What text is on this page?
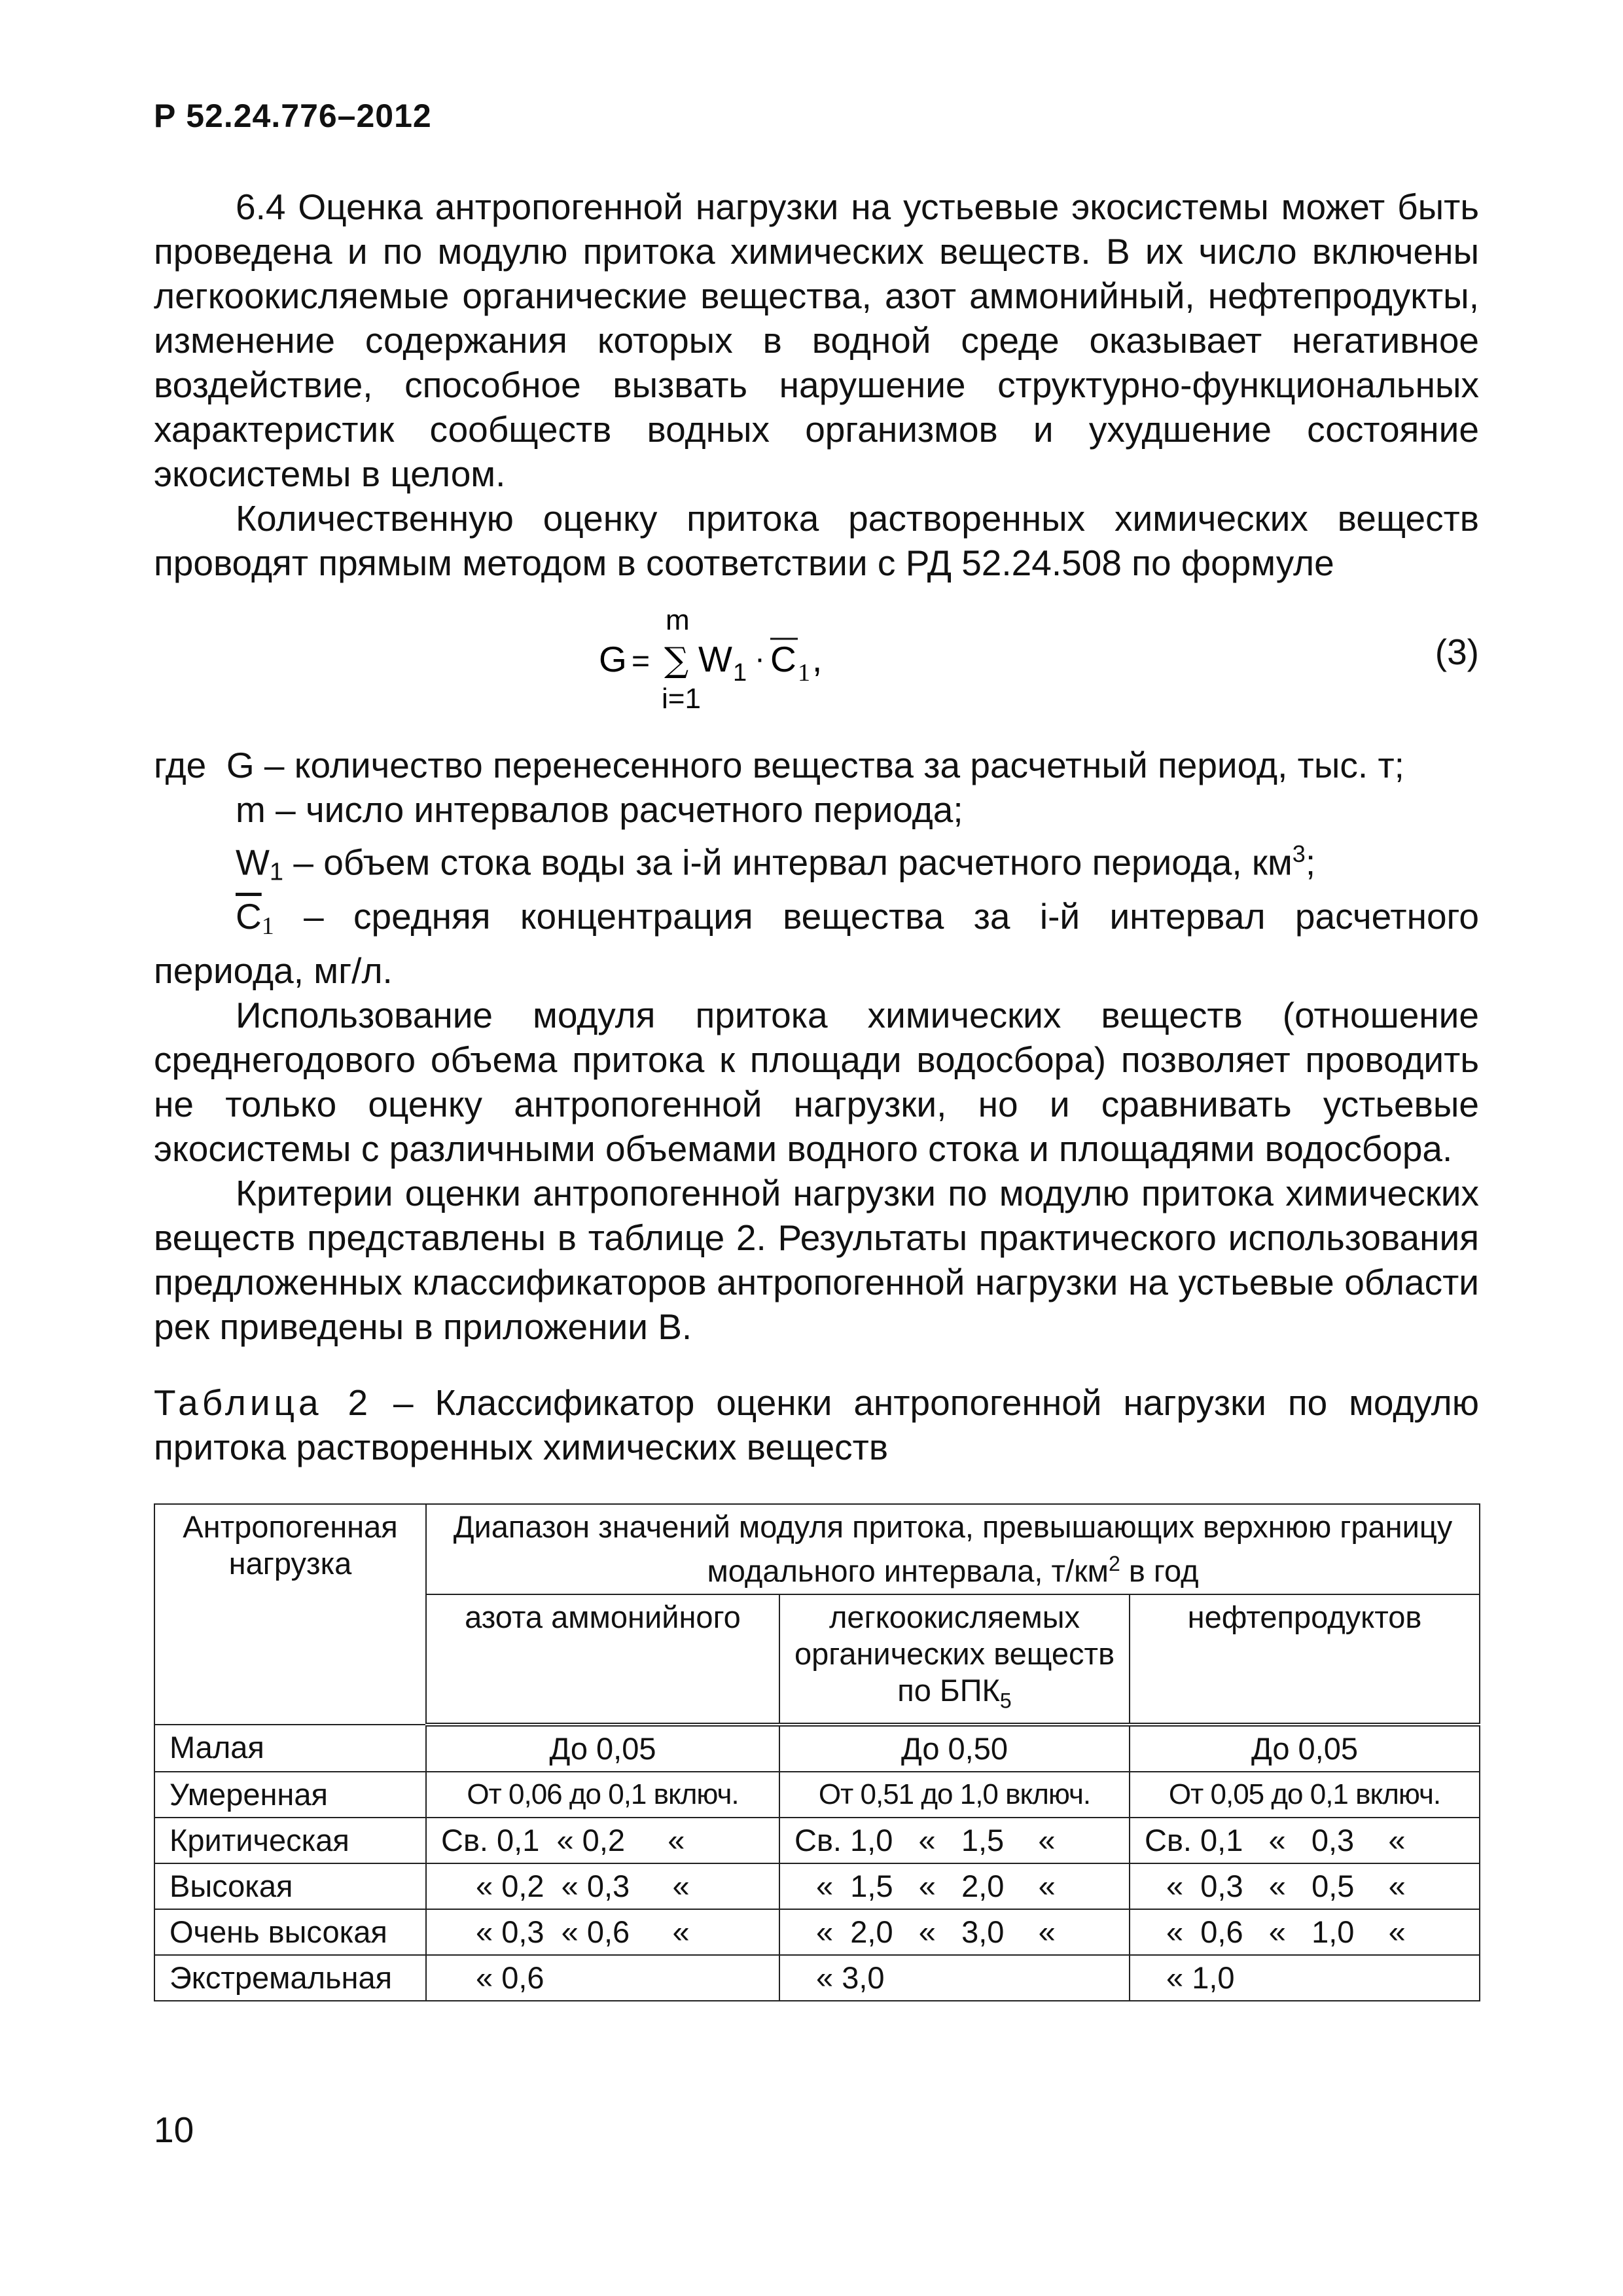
Р 52.24.776–2012

6.4 Оценка антропогенной нагрузки на устьевые экосистемы может быть проведена и по модулю притока химических веществ. В их число включены легкоокисляемые органические вещества, азот аммонийный, нефтепродукты, изменение содержания которых в водной среде оказывает негативное воздействие, способное вызвать нарушение структурно-функциональных характеристик сообществ водных организмов и ухудшение состояние экосистемы в целом.

Количественную оценку притока растворенных химических веществ проводят прямым методом в соответствии с РД 52.24.508 по формуле

G =
m
∑
i=1
W 1 · C 1 ,	(3)

где G – количество перенесенного вещества за расчетный период, тыс. т;

m – число интервалов расчетного периода;

$W_1$ – объем стока воды за i-й интервал расчетного периода, $км^3$;

$\overline{C}_1$ – средняя концентрация вещества за i-й интервал расчетного периода, мг/л.

Использование модуля притока химических веществ (отношение среднегодового объема притока к площади водосбора) позволяет проводить не только оценку антропогенной нагрузки, но и сравнивать устьевые экосистемы с различными объемами водного стока и площадями водосбора.

Критерии оценки антропогенной нагрузки по модулю притока химических веществ представлены в таблице 2. Результаты практического использования предложенных классификаторов антропогенной нагрузки на устьевые области рек приведены в приложении В.

Таблица 2 – Классификатор оценки антропогенной нагрузки по модулю притока растворенных химических веществ

Антропогенная нагрузка	Диапазон значений модуля притока, превышающих верхнюю границу модального интервала, $т/км^2$ в год		
	азота аммонийного	легкоокисляемых органических веществ по $БПК_5$	нефтепродуктов
Малая	До 0,05	До 0,50	До 0,05
Умеренная	От 0,06 до 0,1 включ.	От 0,51 до 1,0 включ.	От 0,05 до 0,1 включ.
Критическая	Св. 0,1  « 0,2     «	Св. 1,0   «   1,5    «	Св. 0,1   «   0,3    «
Высокая	« 0,2  « 0,3     «	«  1,5   «   2,0    «	«  0,3   «   0,5    «
Очень высокая	« 0,3  « 0,6     «	«  2,0   «   3,0    «	«  0,6   «   1,0    «
Экстремальная	« 0,6	« 3,0	« 1,0
10
